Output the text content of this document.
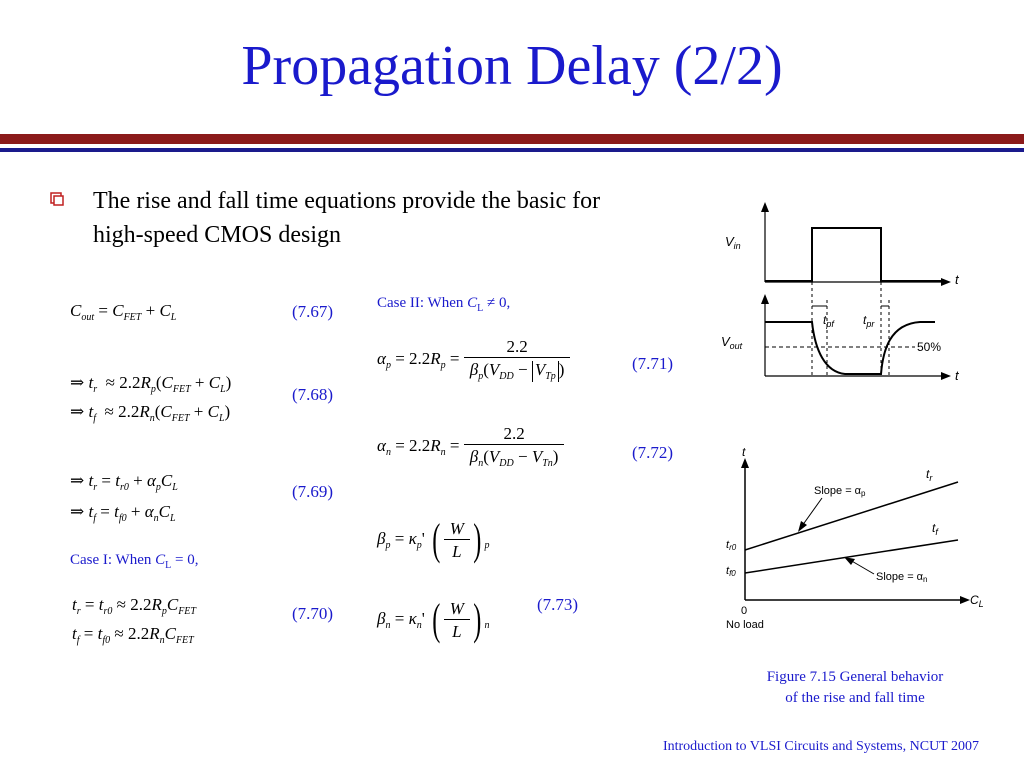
Propagation Delay (2/2)
The rise and fall time equations provide the basic for high-speed CMOS design
$C_{out} = C_{FET} + C_L$	(7.67)
⇒ $t_r \approx 2.2R_p(C_{FET} + C_L)$
⇒ $t_f \approx 2.2R_n(C_{FET} + C_L)$
(7.68)
⇒ $t_r = t_{r0} + \alpha_pC_L$
⇒ $t_f = t_{f0} + \alpha_nC_L$
(7.69)
Case I: When $C_L = 0$,
$t_r = t_{r0} \approx 2.2R_pC_{FET}$
$t_f = t_{f0} \approx 2.2R_nC_{FET}$
(7.70)
Case II: When $C_L \ne 0$,
$\alpha_p = 2.2R_p = \frac{2.2}{\beta_p(V_{DD} - V_{Tp} )}$	(7.71)
$\alpha_n = 2.2R_n = \frac{2.2}{\beta_n(V_{DD} - V_{Tn})}$	(7.72)
$\beta_p = \kappa_p'$ ( $\frac{W}{L}$ ) $_p$
$\beta_n = \kappa_n'$ ( $\frac{W}{L}$ ) $_n$
(7.73)
$V_{in}$
t
50%
$V_{out}$
t
$t_{pf}$ $t_{pr}$
t
$t_r$
$t_f$
tr0
tf0
Slope = αp
Slope = αn
0
No load
$C_L$
Figure 7.15 General behavior
of the rise and fall time
Introduction to VLSI Circuits and Systems, NCUT 2007
